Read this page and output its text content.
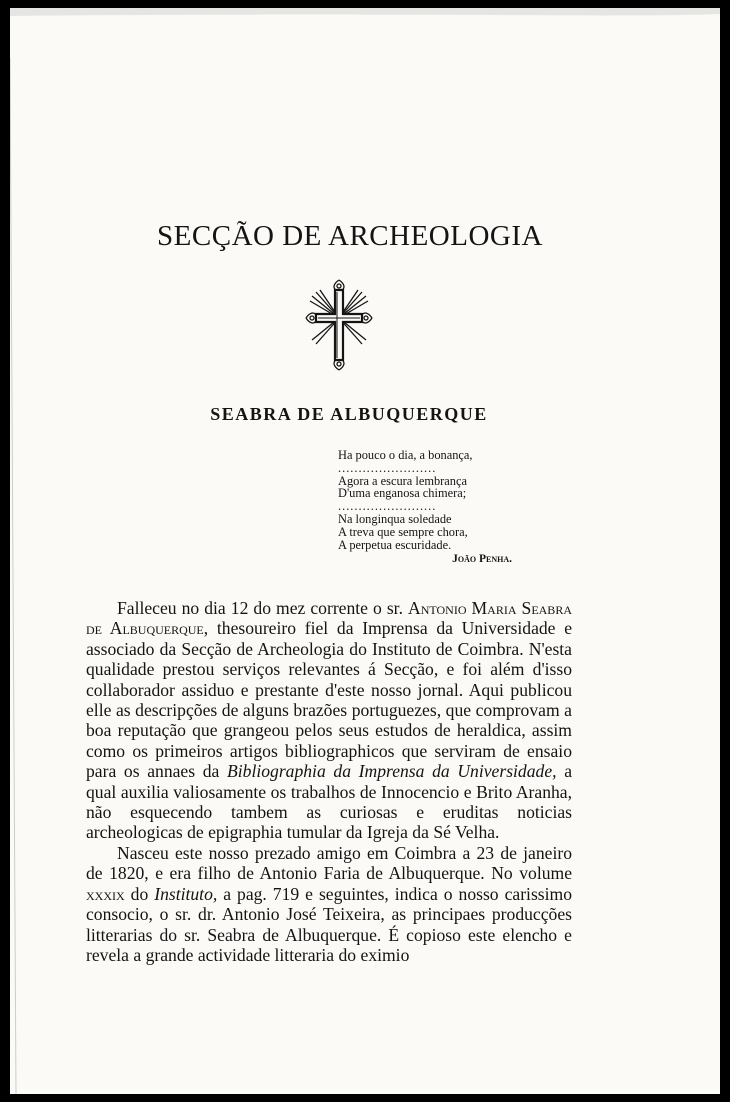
SECÇÃO DE ARCHEOLOGIA
SEABRA DE ALBUQUERQUE
Ha pouco o dia, a bonança,
........................
Agora a escura lembrança
D'uma enganosa chimera;
........................
Na longinqua soledade
A treva que sempre chora,
A perpetua escuridade.
João Penha.

Falleceu no dia 12 do mez corrente o sr. Antonio Maria Seabra de Albuquerque, thesoureiro fiel da Imprensa da Universidade e associado da Secção de Archeologia do Instituto de Coimbra. N'esta qualidade prestou serviços relevantes á Secção, e foi além d'isso collaborador assiduo e prestante d'este nosso jornal. Aqui publicou elle as descripções de alguns brazões portuguezes, que comprovam a boa reputação que grangeou pelos seus estudos de heraldica, assim como os primeiros artigos bibliographicos que serviram de ensaio para os annaes da Bibliographia da Imprensa da Universidade, a qual auxilia valiosamente os trabalhos de Innocencio e Brito Aranha, não esquecendo tambem as curiosas e eruditas noticias archeologicas de epigraphia tumular da Igreja da Sé Velha.

Nasceu este nosso prezado amigo em Coimbra a 23 de janeiro de 1820, e era filho de Antonio Faria de Albuquerque. No volume xxxix do Instituto, a pag. 719 e seguintes, indica o nosso carissimo consocio, o sr. dr. Antonio José Teixeira, as principaes producções litterarias do sr. Seabra de Albuquerque. É copioso este elencho e revela a grande actividade litteraria do eximio
